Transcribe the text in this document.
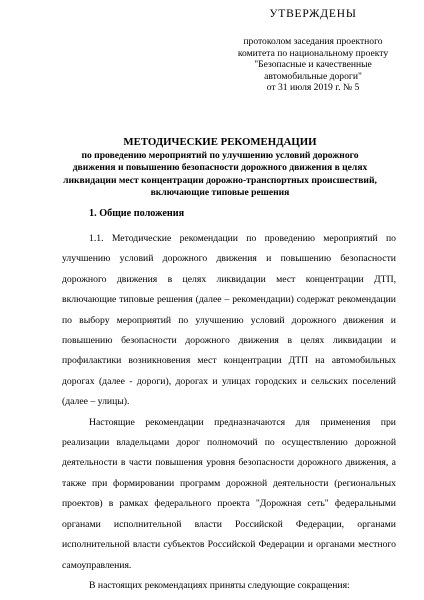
УТВЕРЖДЕНЫ
протоколом заседания проектного
комитета по национальному проекту
"Безопасные и качественные
автомобильные дороги"
от 31 июля 2019 г. № 5
МЕТОДИЧЕСКИЕ РЕКОМЕНДАЦИИ
по проведению мероприятий по улучшению условий дорожного
движения и повышению безопасности дорожного движения в целях
ликвидации мест концентрации дорожно-транспортных происшествий,
включающие типовые решения
1. Общие положения

1.1. Методические рекомендации по проведению мероприятий по улучшению условий дорожного движения и повышению безопасности дорожного движения в целях ликвидации мест концентрации ДТП, включающие типовые решения (далее – рекомендации) содержат рекомендации по выбору мероприятий по улучшению условий дорожного движения и повышению безопасности дорожного движения в целях ликвидации и профилактики возникновения мест концентрации ДТП на автомобильных дорогах (далее - дороги), дорогах и улицах городских и сельских поселений (далее – улицы).

Настоящие рекомендации предназначаются для применения при реализации владельцами дорог полномочий по осуществлению дорожной деятельности в части повышения уровня безопасности дорожного движения, а также при формировании программ дорожной деятельности (региональных проектов) в рамках федерального проекта "Дорожная сеть" федеральными органами исполнительной власти Российской Федерации, органами исполнительной власти субъектов Российской Федерации и органами местного самоуправления.

В настоящих рекомендациях приняты следующие сокращения:
